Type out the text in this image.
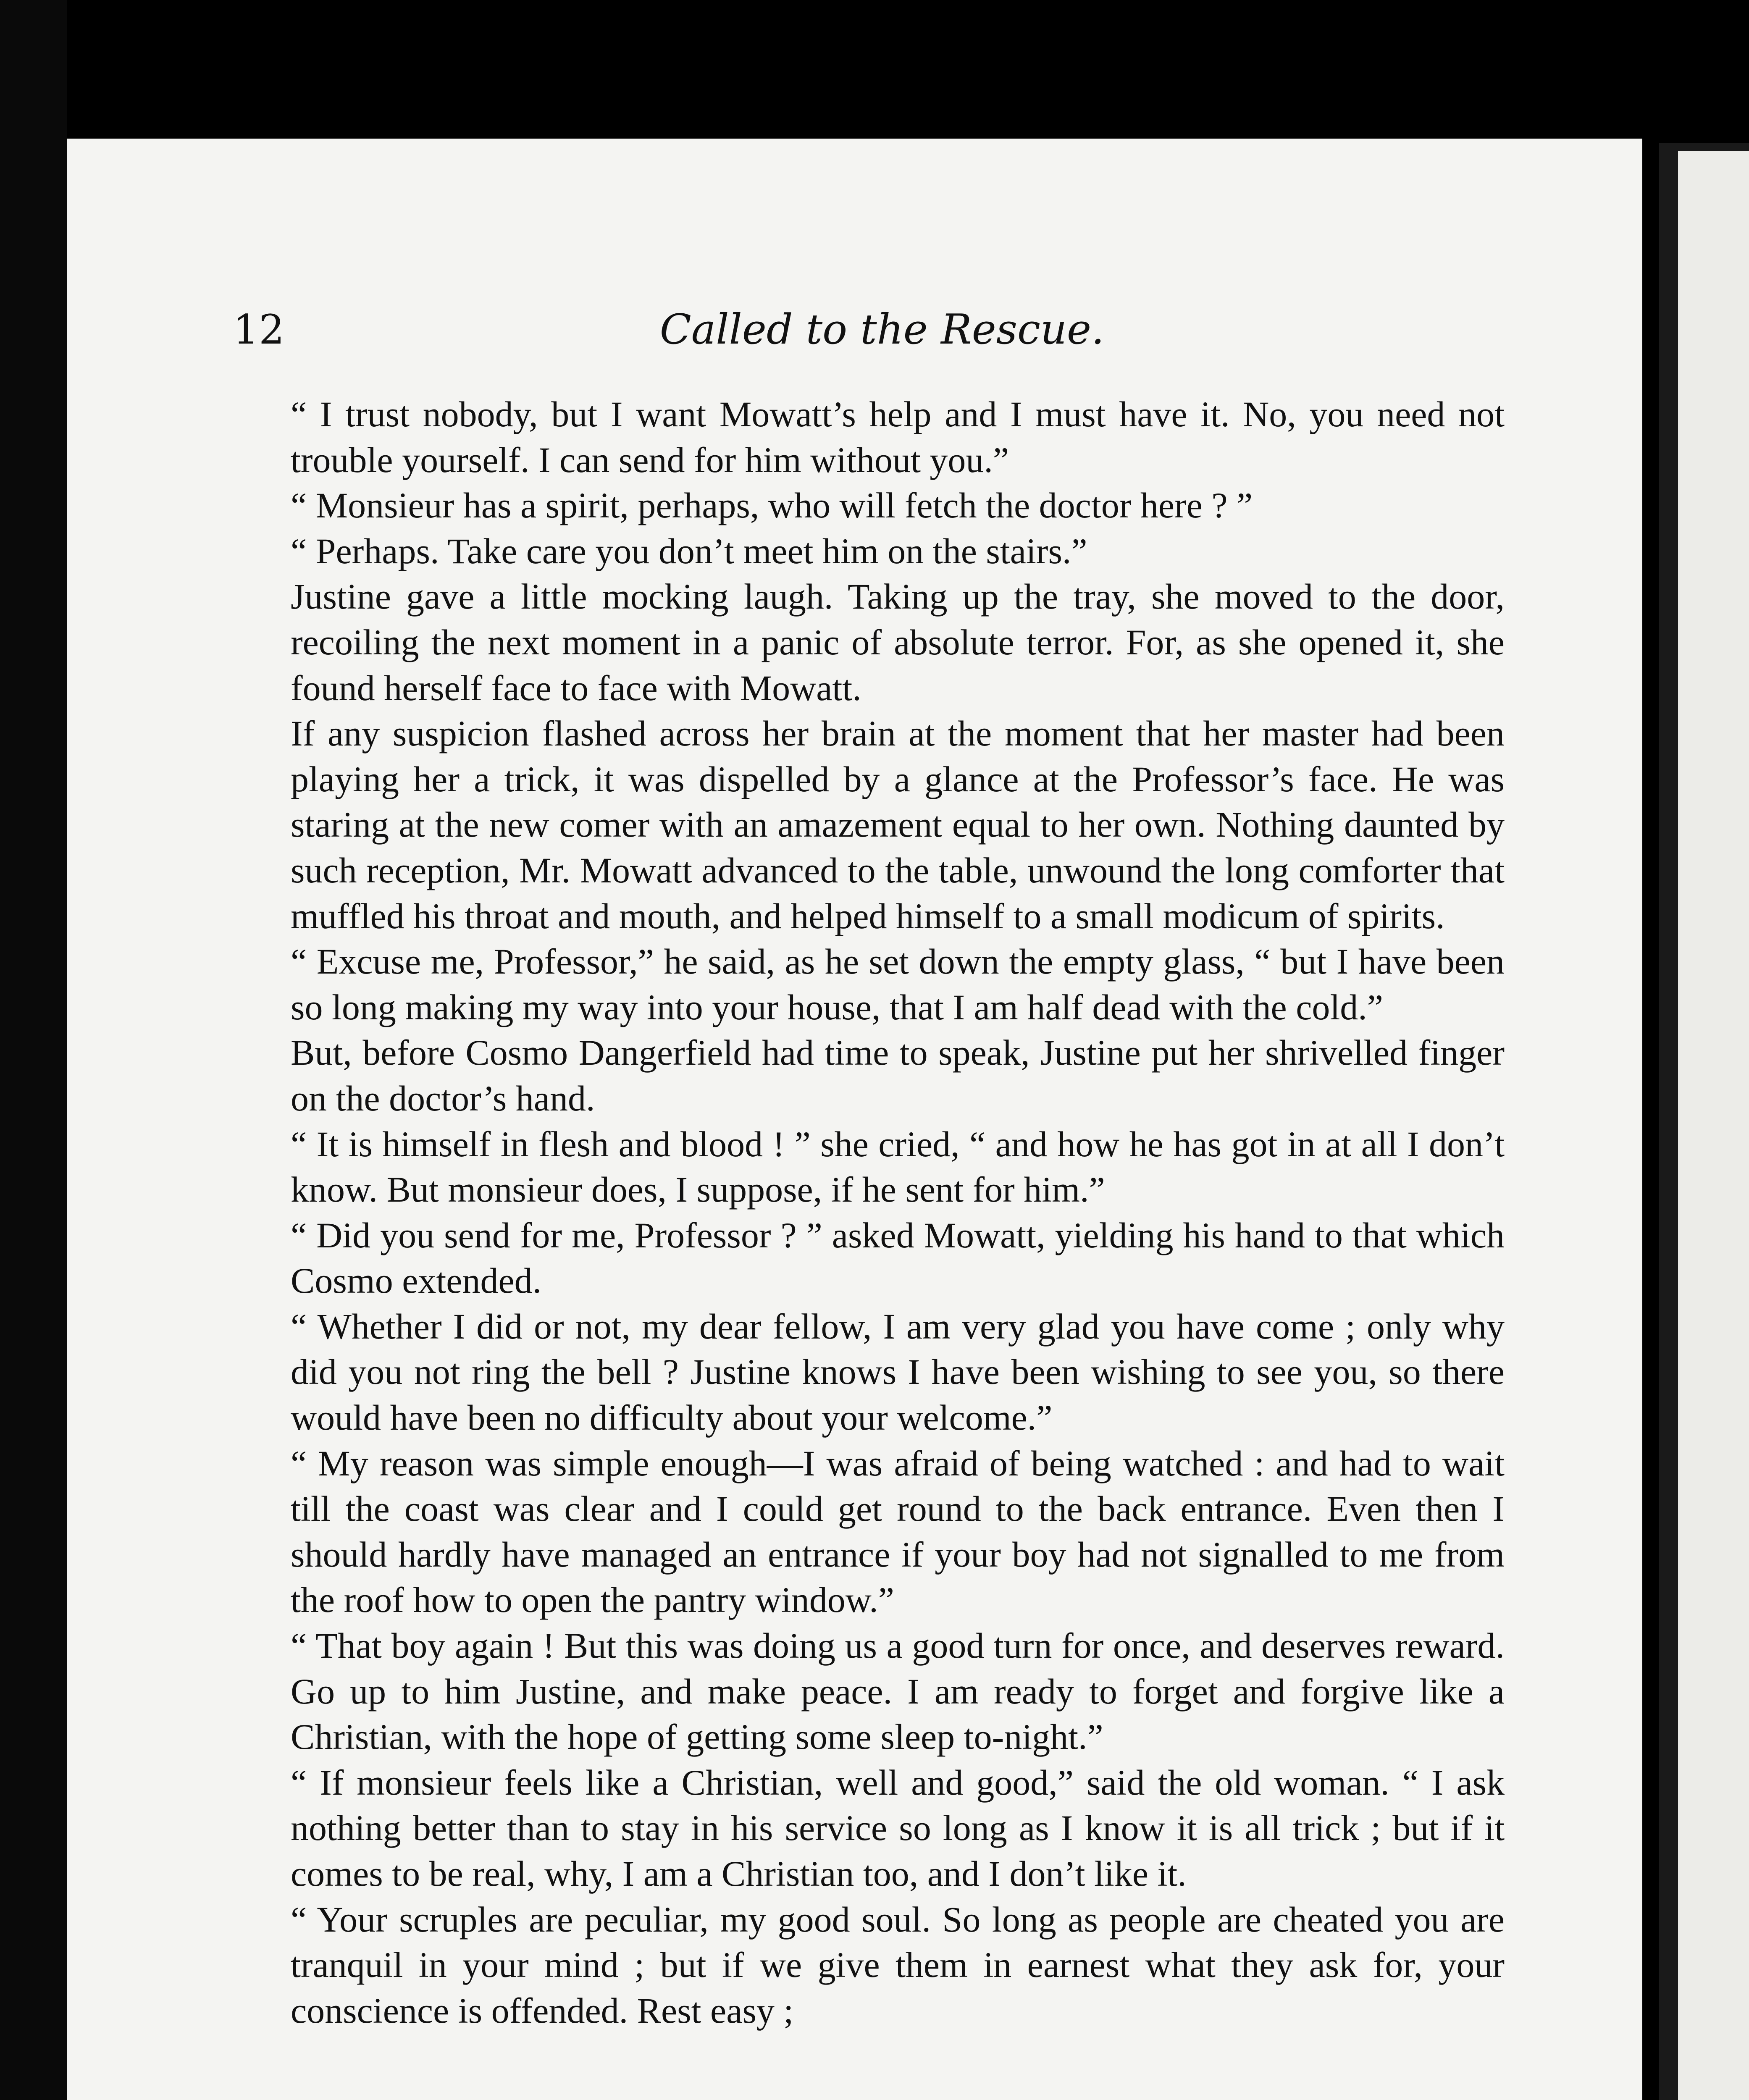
12	Called to the Rescue.

“ I trust nobody, but I want Mowatt’s help and I must have it. No, you need not trouble yourself. I can send for him without you.”

“ Monsieur has a spirit, perhaps, who will fetch the doctor here ? ”

“ Perhaps. Take care you don’t meet him on the stairs.”

Justine gave a little mocking laugh. Taking up the tray, she moved to the door, recoiling the next moment in a panic of absolute terror. For, as she opened it, she found herself face to face with Mowatt.

If any suspicion flashed across her brain at the moment that her master had been playing her a trick, it was dispelled by a glance at the Professor’s face. He was staring at the new comer with an amazement equal to her own. Nothing daunted by such reception, Mr. Mowatt advanced to the table, unwound the long comforter that muffled his throat and mouth, and helped himself to a small modicum of spirits.

“ Excuse me, Professor,” he said, as he set down the empty glass, “ but I have been so long making my way into your house, that I am half dead with the cold.”

But, before Cosmo Dangerfield had time to speak, Justine put her shrivelled finger on the doctor’s hand.

“ It is himself in flesh and blood ! ” she cried, “ and how he has got in at all I don’t know. But monsieur does, I suppose, if he sent for him.”

“ Did you send for me, Professor ? ” asked Mowatt, yielding his hand to that which Cosmo extended.

“ Whether I did or not, my dear fellow, I am very glad you have come ; only why did you not ring the bell ? Justine knows I have been wishing to see you, so there would have been no difficulty about your welcome.”

“ My reason was simple enough—I was afraid of being watched : and had to wait till the coast was clear and I could get round to the back entrance. Even then I should hardly have managed an entrance if your boy had not signalled to me from the roof how to open the pantry window.”

“ That boy again ! But this was doing us a good turn for once, and deserves reward. Go up to him Justine, and make peace. I am ready to forget and forgive like a Christian, with the hope of getting some sleep to-night.”

“ If monsieur feels like a Christian, well and good,” said the old woman. “ I ask nothing better than to stay in his service so long as I know it is all trick ; but if it comes to be real, why, I am a Christian too, and I don’t like it.

“ Your scruples are peculiar, my good soul. So long as people are cheated you are tranquil in your mind ; but if we give them in earnest what they ask for, your conscience is offended. Rest easy ;
